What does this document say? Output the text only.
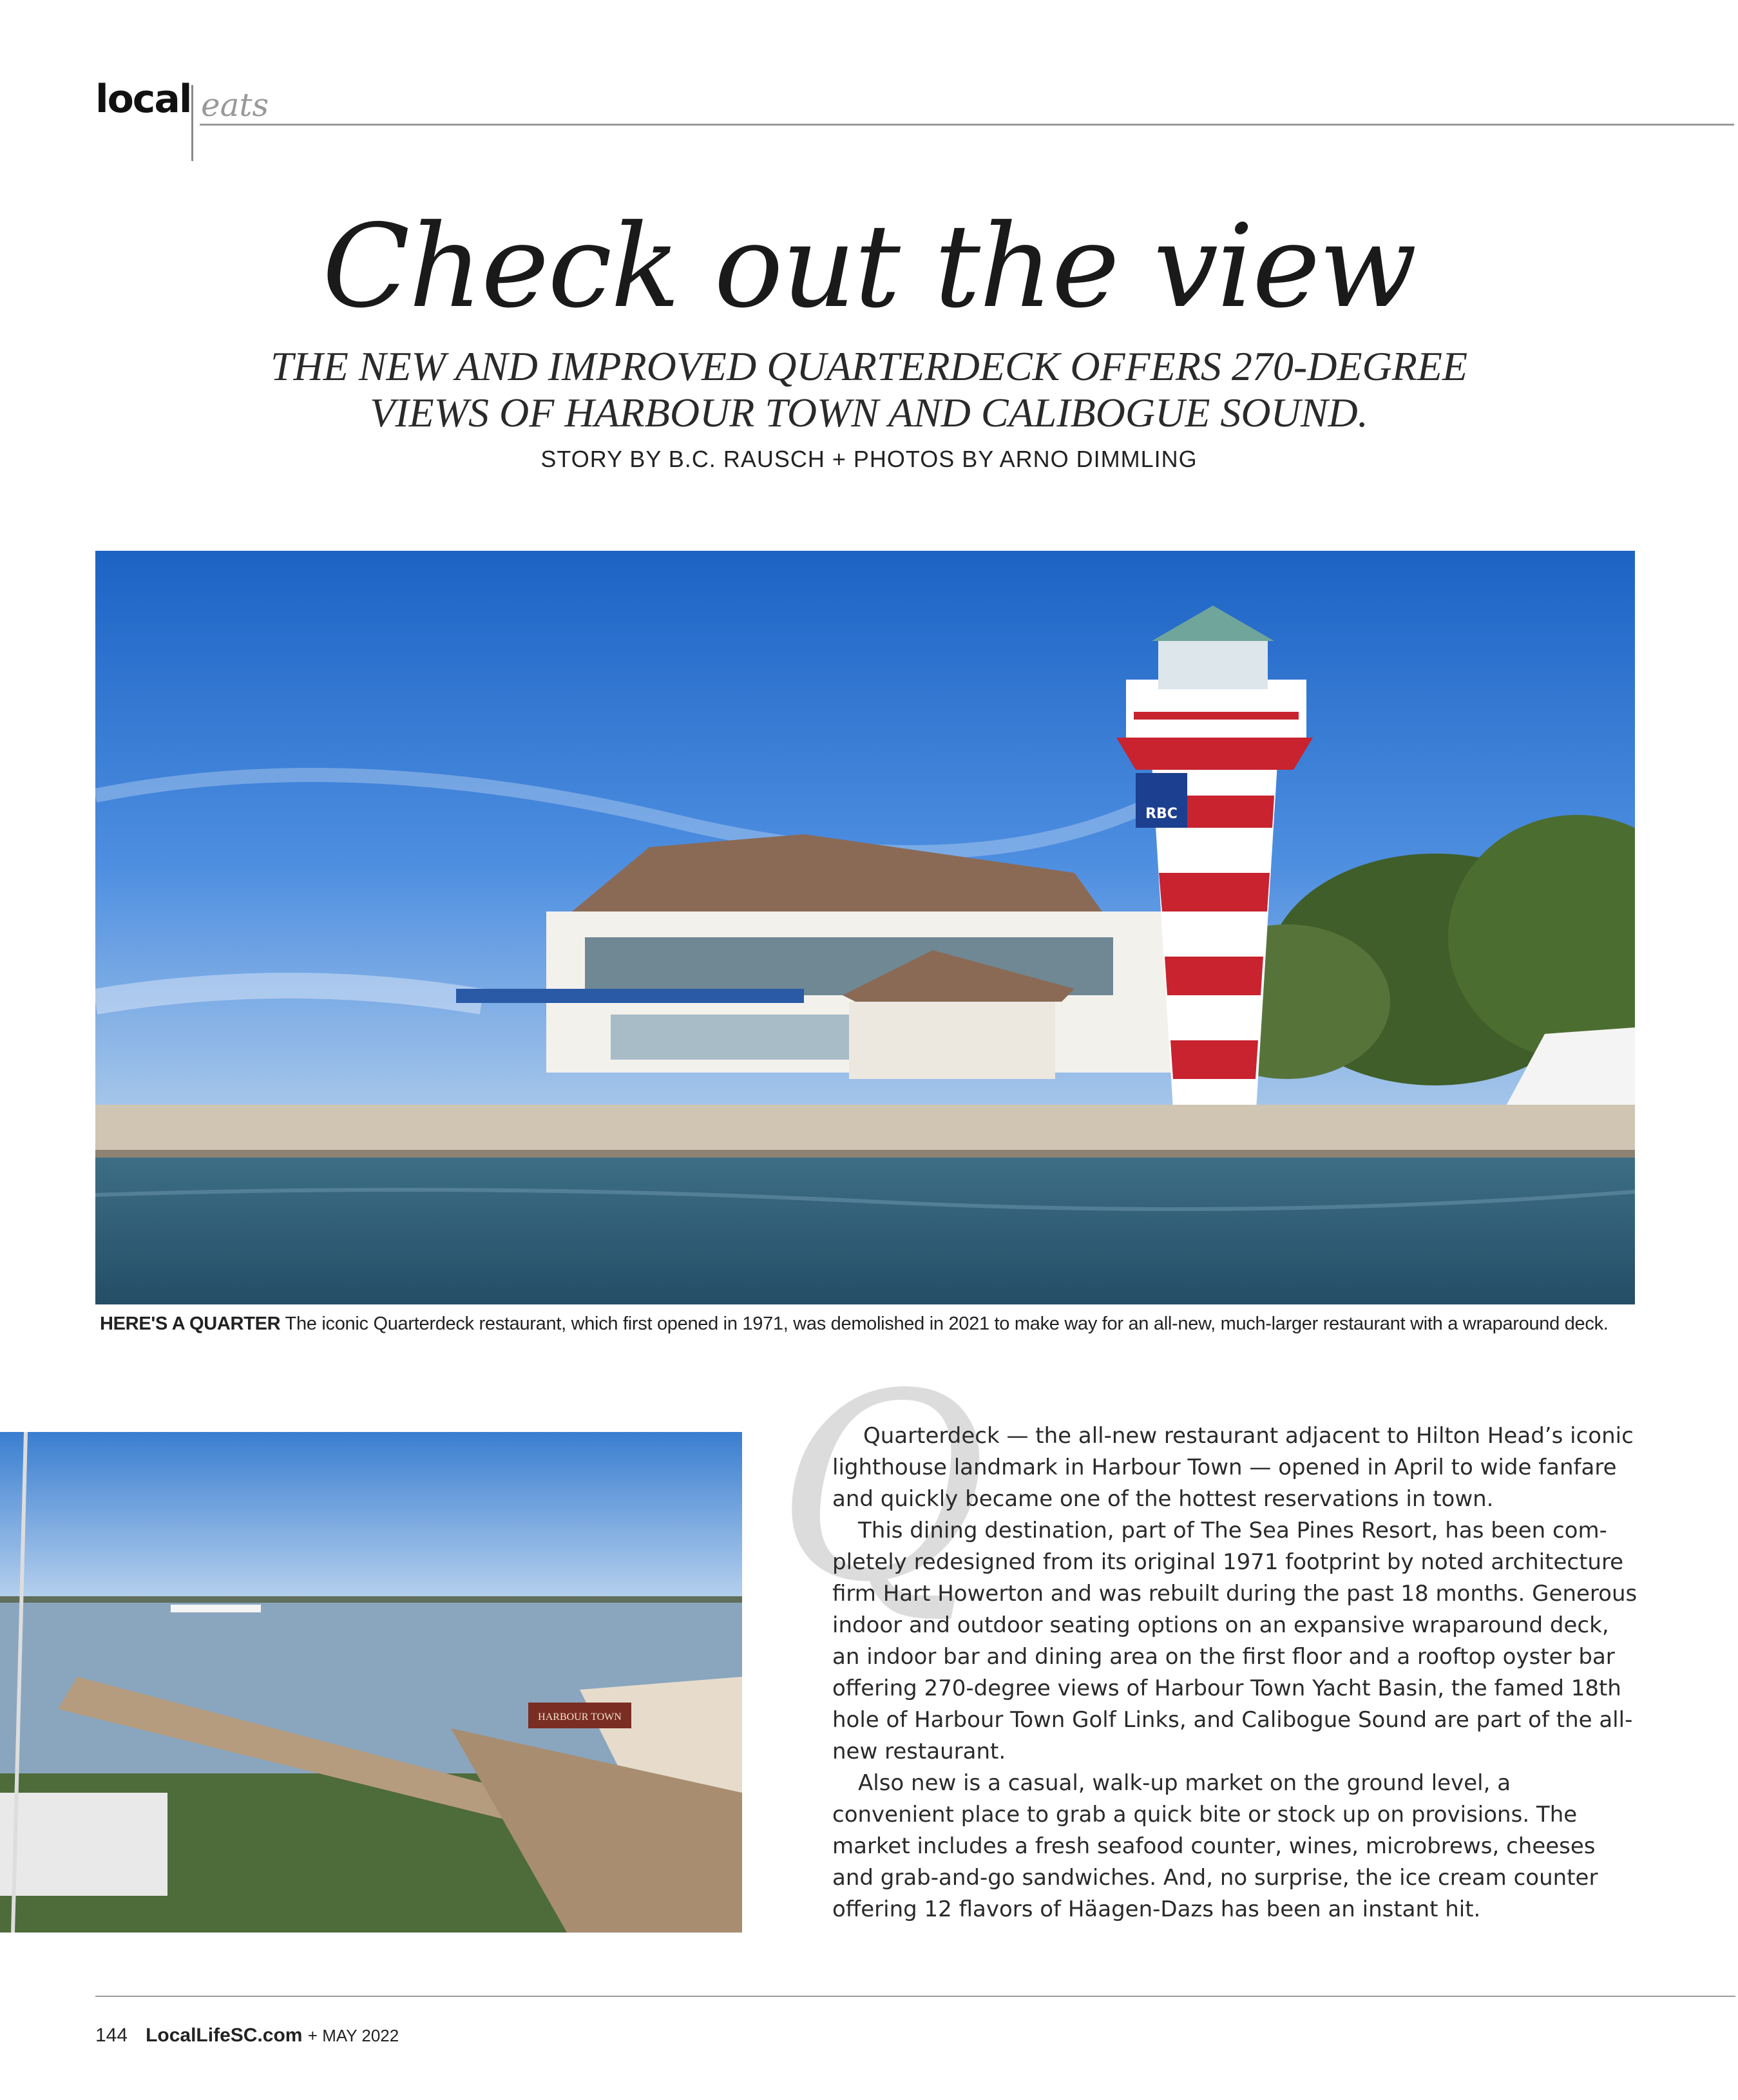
local eats
Check out the view
THE NEW AND IMPROVED QUARTERDECK OFFERS 270-DEGREE
VIEWS OF HARBOUR TOWN AND CALIBOGUE SOUND.
STORY BY B.C. RAUSCH + PHOTOS BY ARNO DIMMLING
RBC
HERE'S A QUARTER The iconic Quarterdeck restaurant, which first opened in 1971, was demolished in 2021 to make way for an all-new, much-larger restaurant with a wraparound deck.
HARBOUR TOWN
Q

Quarterdeck — the all-new restaurant adjacent to Hilton Head’s iconic lighthouse landmark in Harbour Town — opened in April to wide fanfare and quickly became one of the hottest reservations in town.

This dining destination, part of The Sea Pines Resort, has been com-pletely redesigned from its original 1971 footprint by noted architecture firm Hart Howerton and was rebuilt during the past 18 months. Generous indoor and outdoor seating options on an expansive wraparound deck, an indoor bar and dining area on the first floor and a rooftop oyster bar offering 270-degree views of Harbour Town Yacht Basin, the famed 18th hole of Harbour Town Golf Links, and Calibogue Sound are part of the all-new restaurant.

Also new is a casual, walk-up market on the ground level, a convenient place to grab a quick bite or stock up on provisions. The market includes a fresh seafood counter, wines, microbrews, cheeses and grab-and-go sandwiches. And, no surprise, the ice cream counter offering 12 flavors of Häagen-Dazs has been an instant hit.

144 LocalLifeSC.com + MAY 2022
